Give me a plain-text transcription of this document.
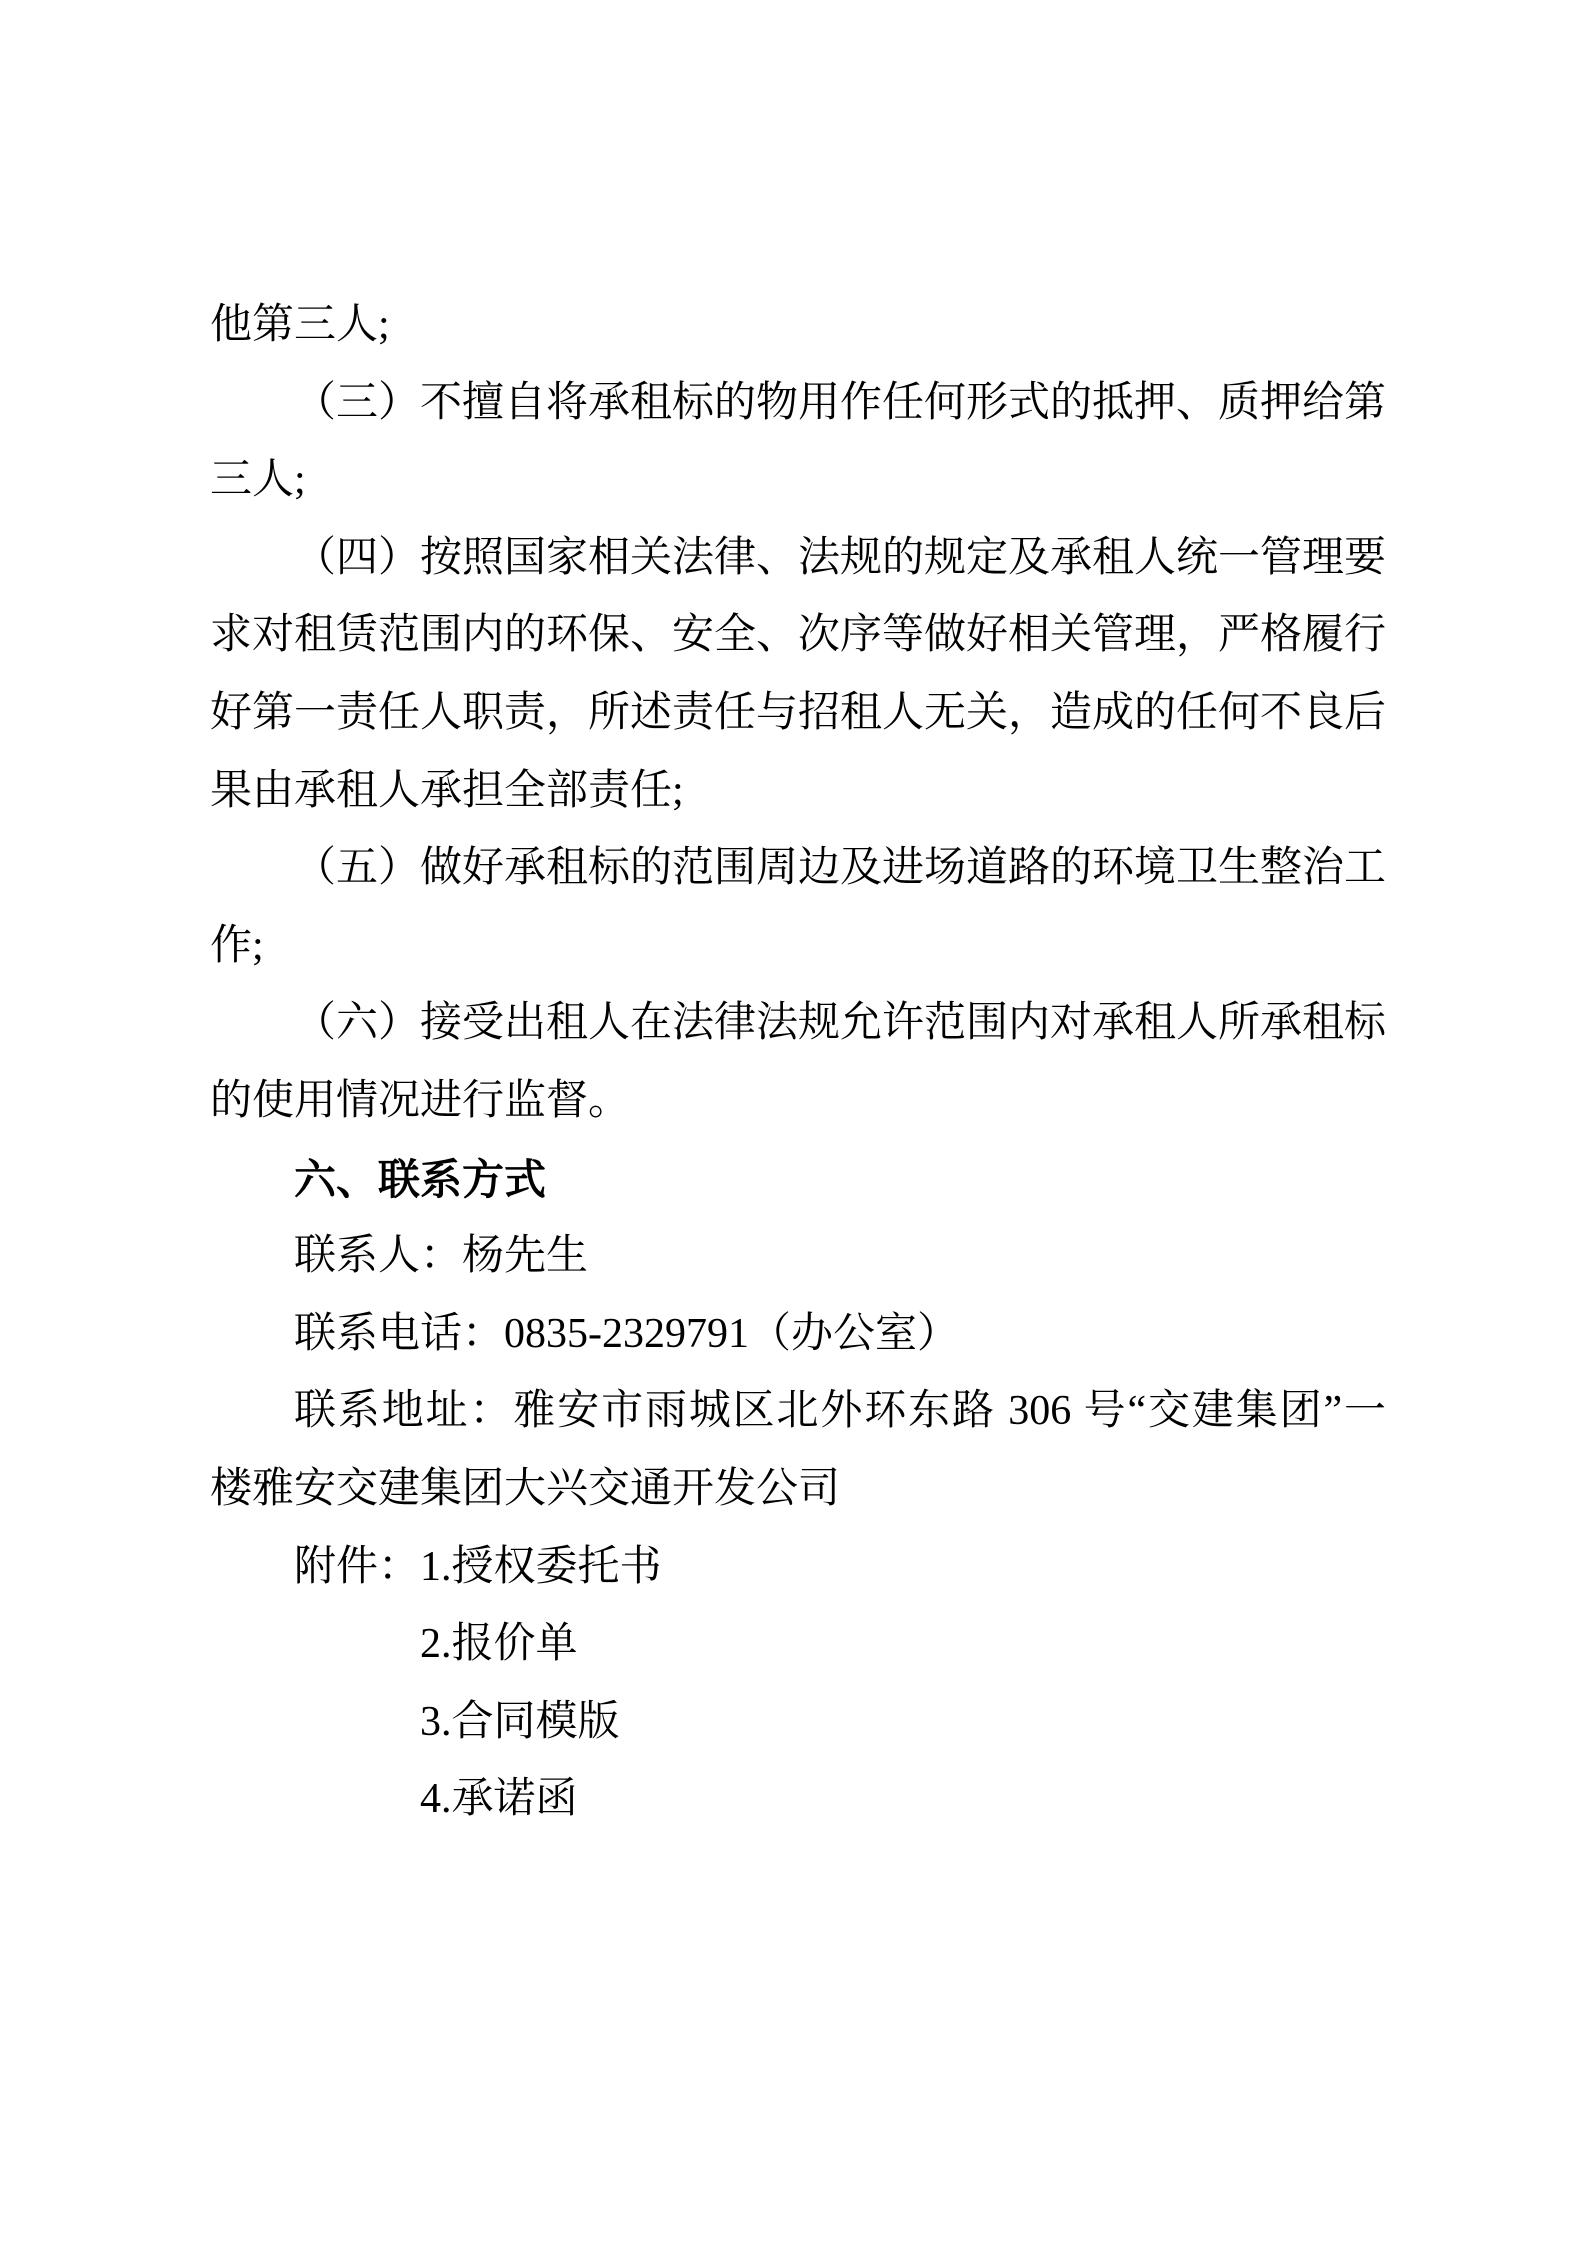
他第三人;
（三）不擅自将承租标的物用作任何形式的抵押、质押给第
三人;
（四）按照国家相关法律、法规的规定及承租人统一管理要
求对租赁范围内的环保、安全、次序等做好相关管理，严格履行
好第一责任人职责，所述责任与招租人无关，造成的任何不良后
果由承租人承担全部责任;
（五）做好承租标的范围周边及进场道路的环境卫生整治工
作;
（六）接受出租人在法律法规允许范围内对承租人所承租标
的使用情况进行监督。
六、联系方式
联系人：杨先生
联系电话：0835-2329791（办公室）
联系地址：雅安市雨城区北外环东路 306 号“交建集团”一
楼雅安交建集团大兴交通开发公司
附件：1.授权委托书
2.报价单
3.合同模版
4.承诺函
